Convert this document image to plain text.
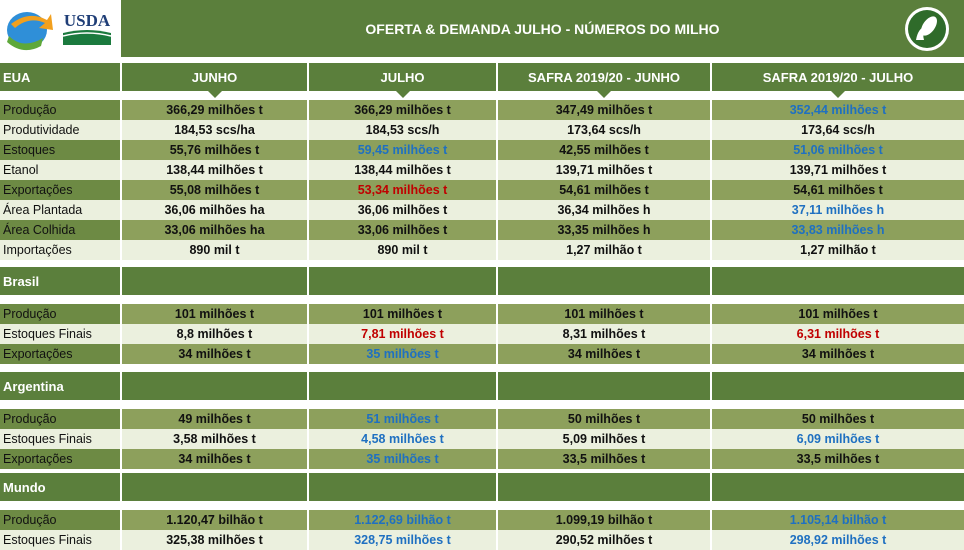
USDA	OFERTA & DEMANDA JULHO - NÚMEROS DO MILHO
EUA	JUNHO	JULHO	SAFRA 2019/20 - JUNHO	SAFRA 2019/20 - JULHO
Produção	366,29 milhões t	366,29 milhões t	347,49 milhões t	352,44 milhões t
Produtividade	184,53 scs/ha	184,53 scs/h	173,64 scs/h	173,64 scs/h
Estoques	55,76 milhões t	59,45 milhões t	42,55 milhões t	51,06 milhões t
Etanol	138,44 milhões t	138,44 milhões t	139,71 milhões t	139,71 milhões t
Exportações	55,08 milhões t	53,34 milhões t	54,61 milhões t	54,61 milhões t
Área Plantada	36,06 milhões ha	36,06 milhões t	36,34 milhões h	37,11 milhões h
Área Colhida	33,06 milhões ha	33,06 milhões t	33,35 milhões h	33,83 milhões h
Importações	890 mil t	890 mil t	1,27 milhão t	1,27 milhão t
Brasil
Produção	101 milhões t	101 milhões t	101 milhões t	101 milhões t
Estoques Finais	8,8 milhões t	7,81 milhões t	8,31 milhões t	6,31 milhões t
Exportações	34 milhões t	35 milhões t	34 milhões t	34 milhões t
Argentina
Produção	49 milhões t	51 milhões t	50 milhões t	50 milhões t
Estoques Finais	3,58 milhões t	4,58 milhões t	5,09 milhões t	6,09 milhões t
Exportações	34 milhões t	35 milhões t	33,5 milhões t	33,5 milhões t
Mundo
Produção	1.120,47 bilhão t	1.122,69 bilhão t	1.099,19 bilhão t	1.105,14 bilhão t
Estoques Finais	325,38 milhões t	328,75 milhões t	290,52 milhões t	298,92 milhões t
